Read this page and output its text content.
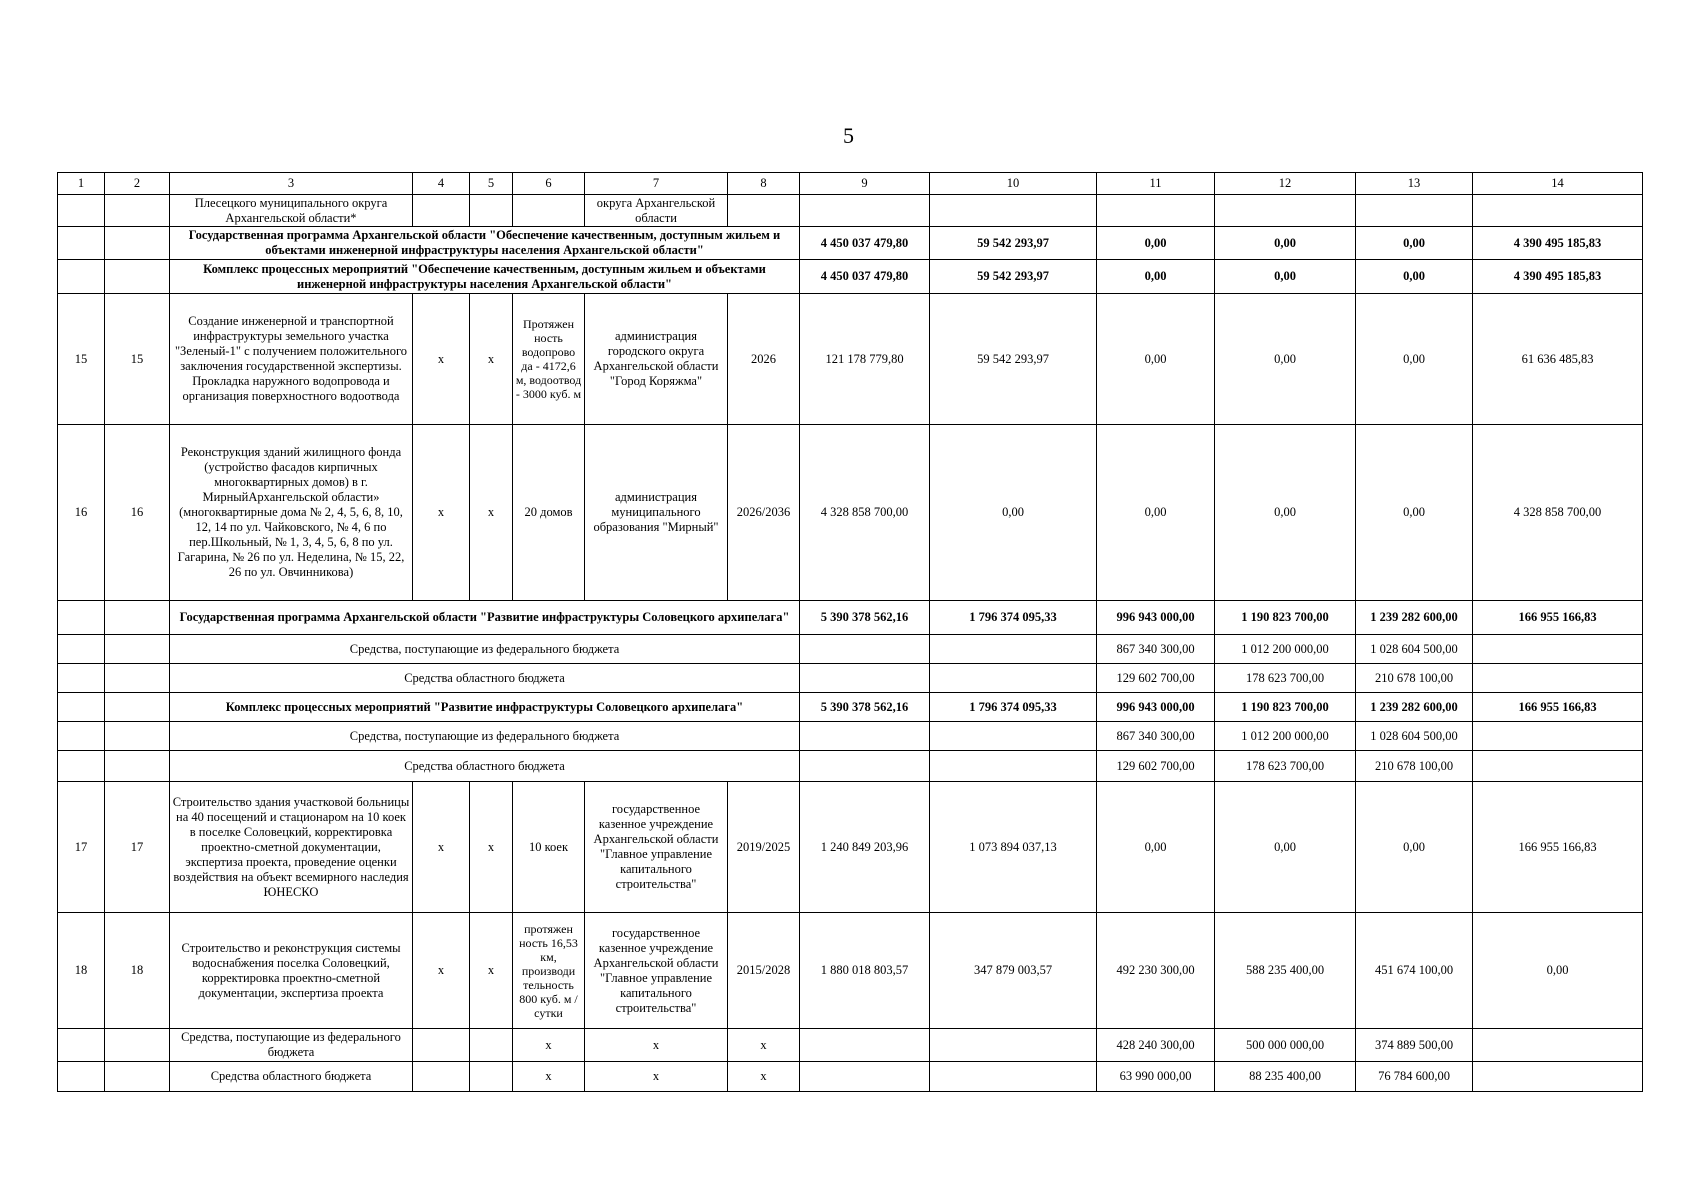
5
1	2	3	4	5	6	7	8	9	10	11	12	13	14
		Плесецкого муниципального округа Архангельской области*				округа Архангельской области							
		Государственная программа Архангельской области "Обеспечение качественным, доступным жильем и объектами инженерной инфраструктуры населения Архангельской области"						4 450 037 479,80	59 542 293,97	0,00	0,00	0,00	4 390 495 185,83
		Комплекс процессных мероприятий "Обеспечение качественным, доступным жильем и объектами инженерной инфраструктуры населения Архангельской области"						4 450 037 479,80	59 542 293,97	0,00	0,00	0,00	4 390 495 185,83
15	15	Создание инженерной и транспортной инфраструктуры земельного участка "Зеленый-1" с получением положительного заключения государственной экспертизы. Прокладка наружного водопровода и организация поверхностного водоотвода	х	х	Протяжен ность водопрово да - 4172,6 м, водоотвод - 3000 куб. м	администрация городского округа Архангельской области "Город Коряжма"	2026	121 178 779,80	59 542 293,97	0,00	0,00	0,00	61 636 485,83
16	16	Реконструкция зданий жилищного фонда (устройство фасадов кирпичных многоквартирных домов) в г. МирныйАрхангельской области» (многоквартирные дома № 2, 4, 5, 6, 8, 10, 12, 14 по ул. Чайковского, № 4, 6 по пер.Школьный, № 1, 3, 4, 5, 6, 8 по ул. Гагарина, № 26 по ул. Неделина, № 15, 22, 26 по ул. Овчинникова)	х	х	20 домов	администрация муниципального образования "Мирный"	2026/2036	4 328 858 700,00	0,00	0,00	0,00	0,00	4 328 858 700,00
		Государственная программа Архангельской области "Развитие инфраструктуры Соловецкого архипелага"						5 390 378 562,16	1 796 374 095,33	996 943 000,00	1 190 823 700,00	1 239 282 600,00	166 955 166,83
		Средства, поступающие из федерального бюджета								867 340 300,00	1 012 200 000,00	1 028 604 500,00	
		Средства областного бюджета								129 602 700,00	178 623 700,00	210 678 100,00	
		Комплекс процессных мероприятий "Развитие инфраструктуры Соловецкого архипелага"						5 390 378 562,16	1 796 374 095,33	996 943 000,00	1 190 823 700,00	1 239 282 600,00	166 955 166,83
		Средства, поступающие из федерального бюджета								867 340 300,00	1 012 200 000,00	1 028 604 500,00	
		Средства областного бюджета								129 602 700,00	178 623 700,00	210 678 100,00	
17	17	Строительство здания участковой больницы на 40 посещений и стационаром на 10 коек в поселке Соловецкий, корректировка проектно-сметной документации, экспертиза проекта, проведение оценки воздействия на объект всемирного наследия ЮНЕСКО	х	х	10 коек	государственное казенное учреждение Архангельской области "Главное управление капитального строительства"	2019/2025	1 240 849 203,96	1 073 894 037,13	0,00	0,00	0,00	166 955 166,83
18	18	Строительство и реконструкция системы водоснабжения поселка Соловецкий, корректировка проектно-сметной документации, экспертиза проекта	х	х	протяжен ность 16,53 км, производи тельность 800 куб. м / сутки	государственное казенное учреждение Архангельской области "Главное управление капитального строительства"	2015/2028	1 880 018 803,57	347 879 003,57	492 230 300,00	588 235 400,00	451 674 100,00	0,00
		Средства, поступающие из федерального бюджета			х	х	х			428 240 300,00	500 000 000,00	374 889 500,00	
		Средства областного бюджета			х	х	х			63 990 000,00	88 235 400,00	76 784 600,00	
